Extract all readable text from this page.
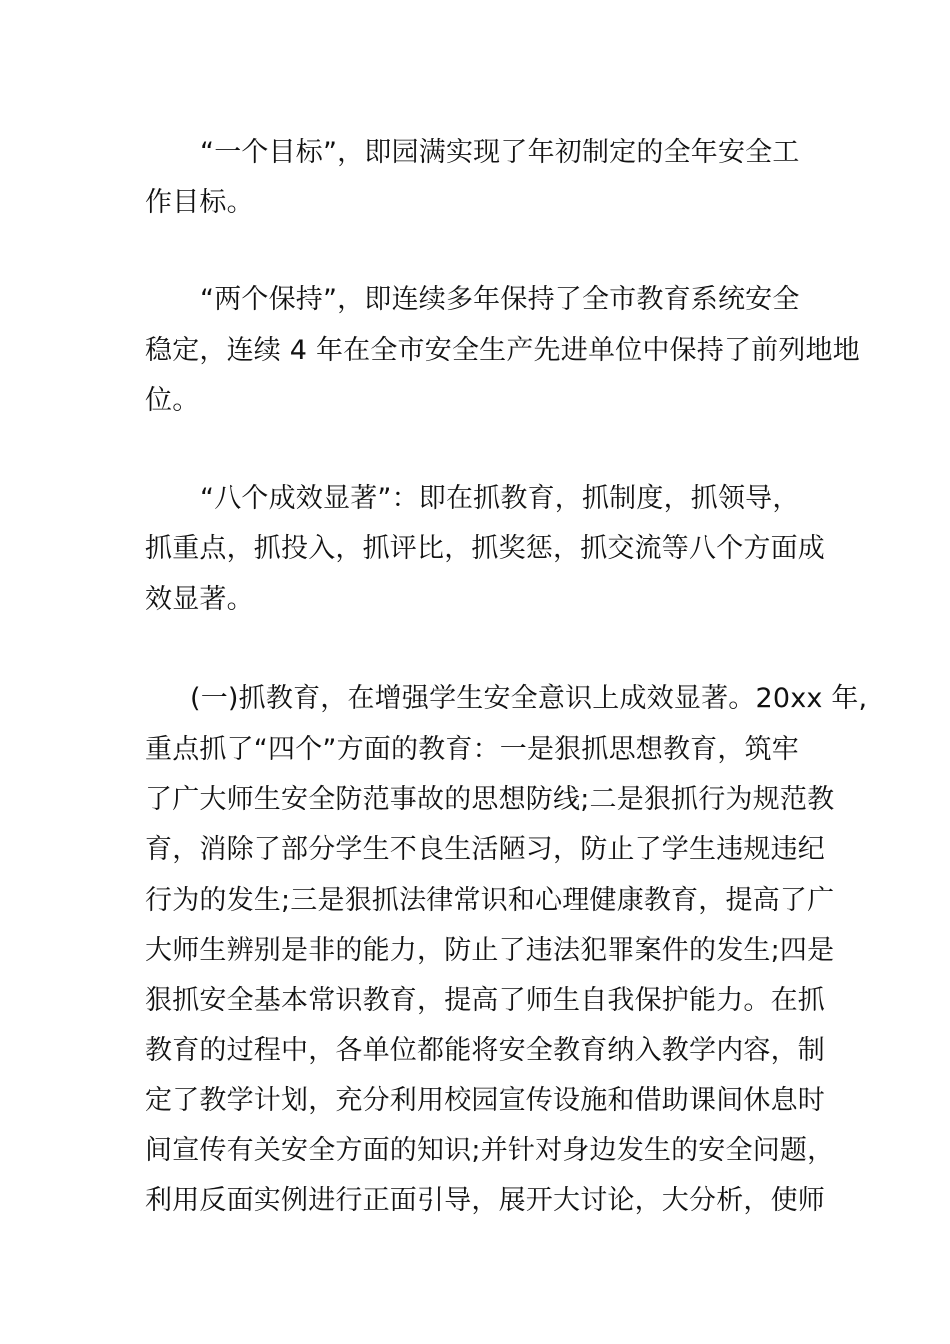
“一个目标”，即园满实现了年初制定的全年安全工
作目标。
“两个保持”，即连续多年保持了全市教育系统安全
稳定，连续 4 年在全市安全生产先进单位中保持了前列地地
位。
“八个成效显著”：即在抓教育，抓制度，抓领导，
抓重点，抓投入，抓评比，抓奖惩，抓交流等八个方面成
效显著。
(一)抓教育，在增强学生安全意识上成效显著。20xx 年,
重点抓了“四个”方面的教育：一是狠抓思想教育，筑牢
了广大师生安全防范事故的思想防线;二是狠抓行为规范教
育，消除了部分学生不良生活陋习，防止了学生违规违纪
行为的发生;三是狠抓法律常识和心理健康教育，提高了广
大师生辨别是非的能力，防止了违法犯罪案件的发生;四是
狠抓安全基本常识教育，提高了师生自我保护能力。在抓
教育的过程中，各单位都能将安全教育纳入教学内容，制
定了教学计划，充分利用校园宣传设施和借助课间休息时
间宣传有关安全方面的知识;并针对身边发生的安全问题，
利用反面实例进行正面引导，展开大讨论，大分析，使师
